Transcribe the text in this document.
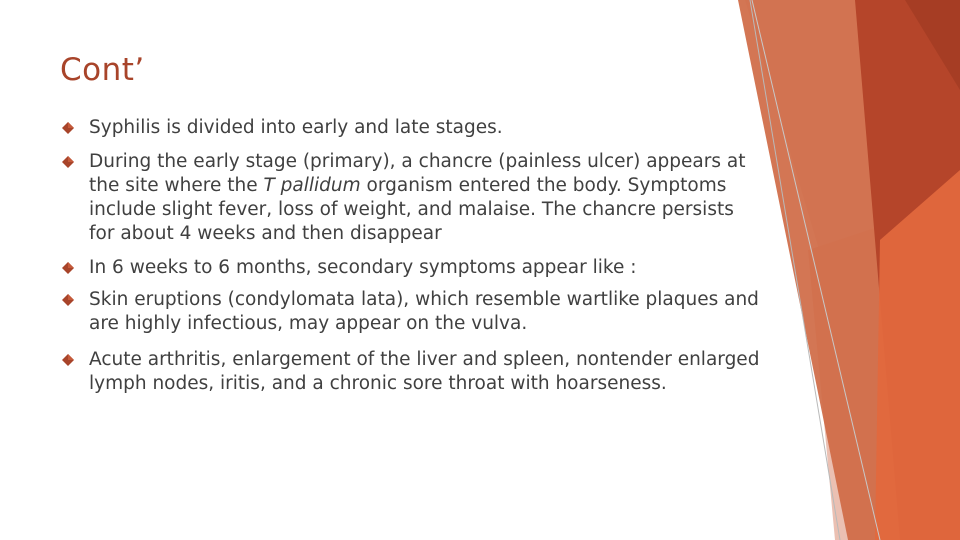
Cont’
Syphilis is divided into early and late stages.
During the early stage (primary), a chancre (painless ulcer) appears at the site where the T pallidum organism entered the body. Symptoms include slight fever, loss of weight, and malaise. The chancre persists for about 4 weeks and then disappear
In 6 weeks to 6 months, secondary symptoms appear like :
Skin eruptions (condylomata lata), which resemble wartlike plaques and are highly infectious, may appear on the vulva.
Acute arthritis, enlargement of the liver and spleen, nontender enlarged lymph nodes, iritis, and a chronic sore throat with hoarseness.
